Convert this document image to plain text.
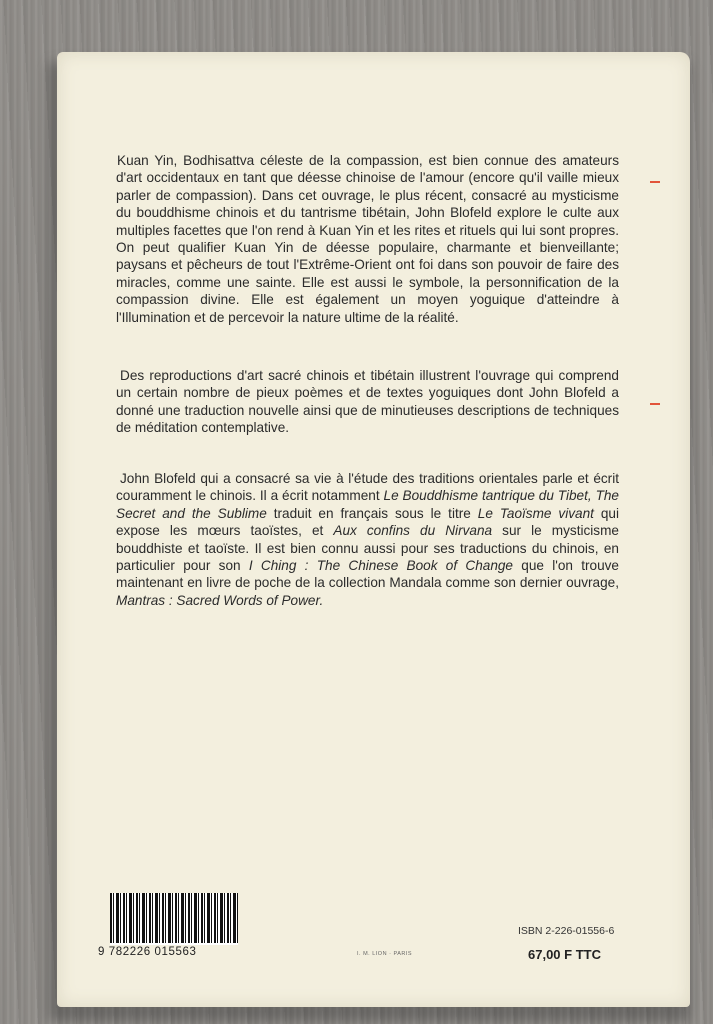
Kuan Yin, Bodhisattva céleste de la compassion, est bien connue des amateurs d'art occidentaux en tant que déesse chinoise de l'amour (encore qu'il vaille mieux parler de compassion). Dans cet ouvrage, le plus récent, consacré au mysticisme du bouddhisme chinois et du tantrisme tibétain, John Blofeld explore le culte aux multiples facettes que l'on rend à Kuan Yin et les rites et rituels qui lui sont propres. On peut qualifier Kuan Yin de déesse populaire, charmante et bienveillante; paysans et pêcheurs de tout l'Extrême-Orient ont foi dans son pouvoir de faire des miracles, comme une sainte. Elle est aussi le symbole, la personnification de la compassion divine. Elle est également un moyen yoguique d'atteindre à l'Illumination et de percevoir la nature ultime de la réalité.

Des reproductions d'art sacré chinois et tibétain illustrent l'ouvrage qui comprend un certain nombre de pieux poèmes et de textes yoguiques dont John Blofeld a donné une traduction nouvelle ainsi que de minutieuses descriptions de techniques de méditation contemplative.

John Blofeld qui a consacré sa vie à l'étude des traditions orientales parle et écrit couramment le chinois. Il a écrit notamment Le Bouddhisme tantrique du Tibet, The Secret and the Sublime traduit en français sous le titre Le Taoïsme vivant qui expose les mœurs taoïstes, et Aux confins du Nirvana sur le mysticisme bouddhiste et taoïste. Il est bien connu aussi pour ses traductions du chinois, en particulier pour son I Ching : The Chinese Book of Change que l'on trouve maintenant en livre de poche de la collection Mandala comme son dernier ouvrage, Mantras : Sacred Words of Power.

9 782226 015563	I. M. LION · PARIS
ISBN 2-226-01556-6
67,00 F TTC
